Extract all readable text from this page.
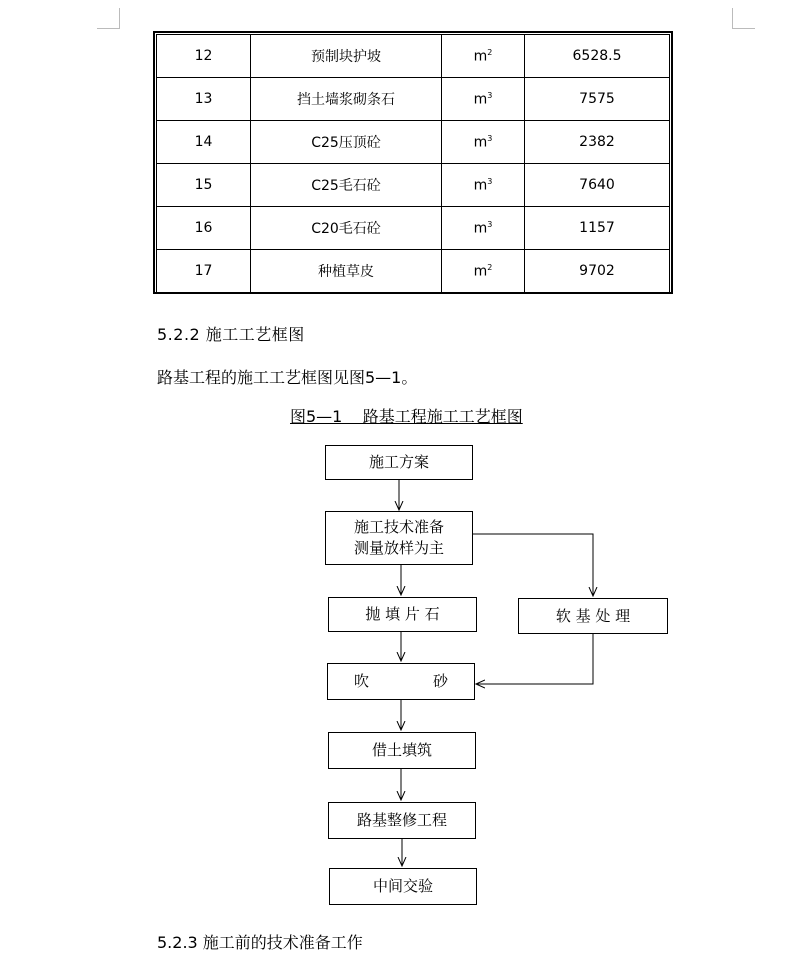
12	预制块护坡	$m^2$	6528.5
13	挡土墙浆砌条石	$m^3$	7575
14	C25压顶砼	$m^3$	2382
15	C25毛石砼	$m^3$	7640
16	C20毛石砼	$m^3$	1157
17	种植草皮	$m^2$	9702
5.2.2 施工工艺框图
路基工程的施工工艺框图见图5—1。
图5—1    路基工程施工工艺框图
施工方案
施工技术准备
测量放样为主
抛 填 片 石	软 基 处 理
吹	砂
借土填筑
路基整修工程
中间交验
5.2.3 施工前的技术准备工作
